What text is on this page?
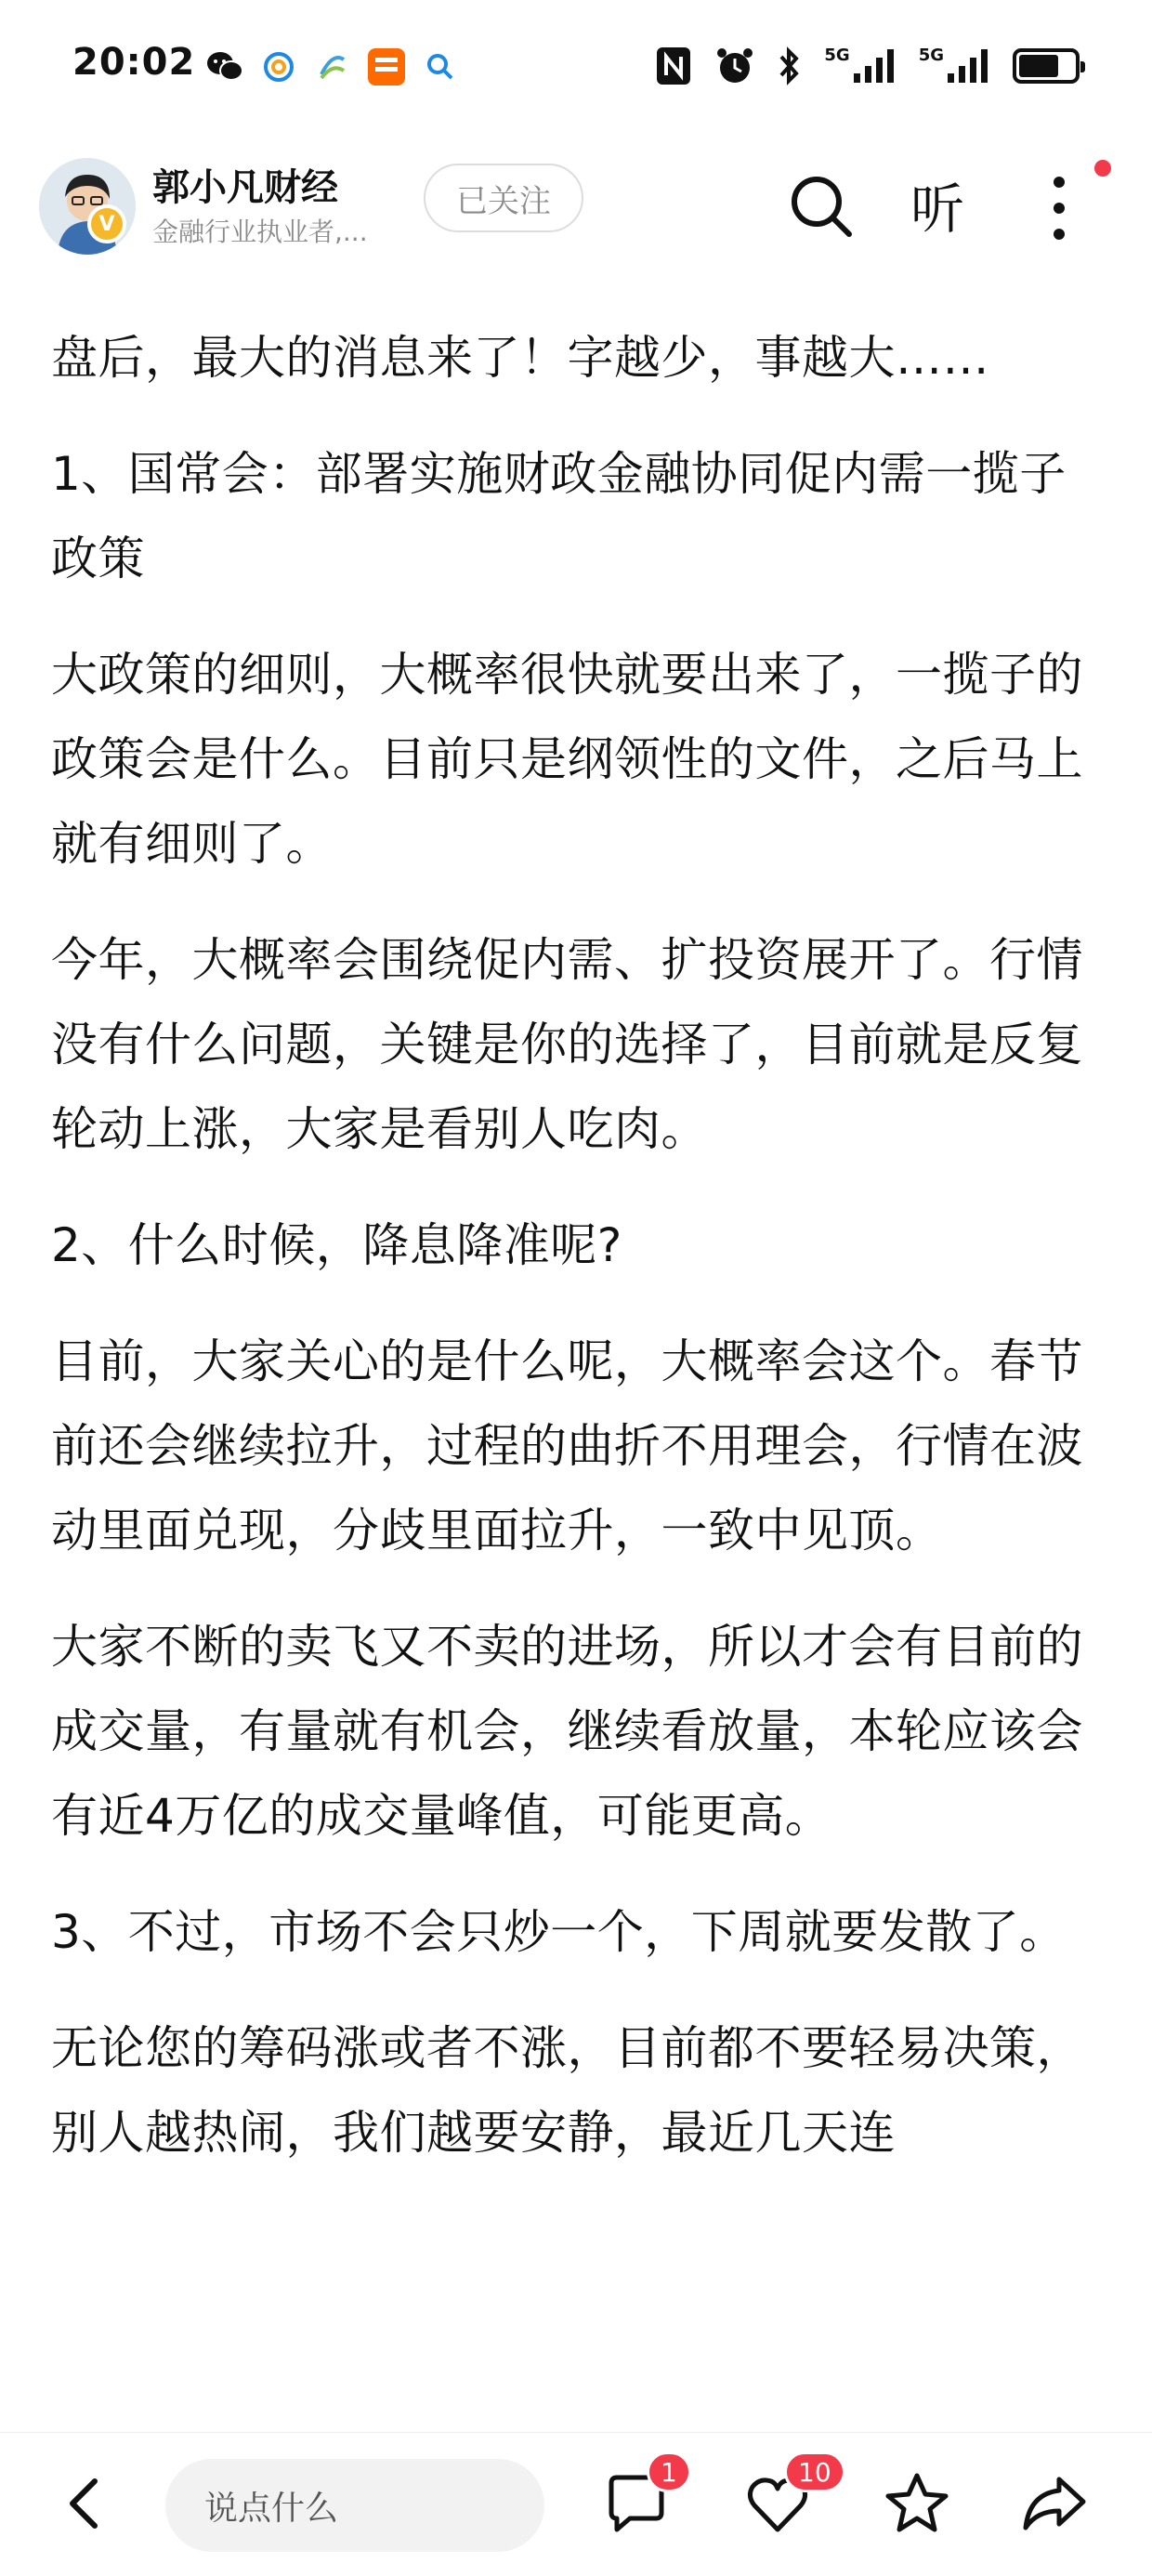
20:02	5G	5G
V
郭小凡财经
金融行业执业者,...
已关注	听

盘后，最大的消息来了！字越少，事越大……

1、国常会：部署实施财政金融协同促内需一揽子政策

大政策的细则，大概率很快就要出来了，一揽子的政策会是什么。目前只是纲领性的文件，之后马上就有细则了。

今年，大概率会围绕促内需、扩投资展开了。行情没有什么问题，关键是你的选择了，目前就是反复轮动上涨，大家是看别人吃肉。

2、什么时候，降息降准呢?

目前，大家关心的是什么呢，大概率会这个。春节前还会继续拉升，过程的曲折不用理会，行情在波动里面兑现，分歧里面拉升，一致中见顶。

大家不断的卖飞又不卖的进场，所以才会有目前的成交量，有量就有机会，继续看放量，本轮应该会有近4万亿的成交量峰值，可能更高。

3、不过，市场不会只炒一个，下周就要发散了。

无论您的筹码涨或者不涨，目前都不要轻易决策，别人越热闹，我们越要安静，最近几天连

说点什么
1	10
